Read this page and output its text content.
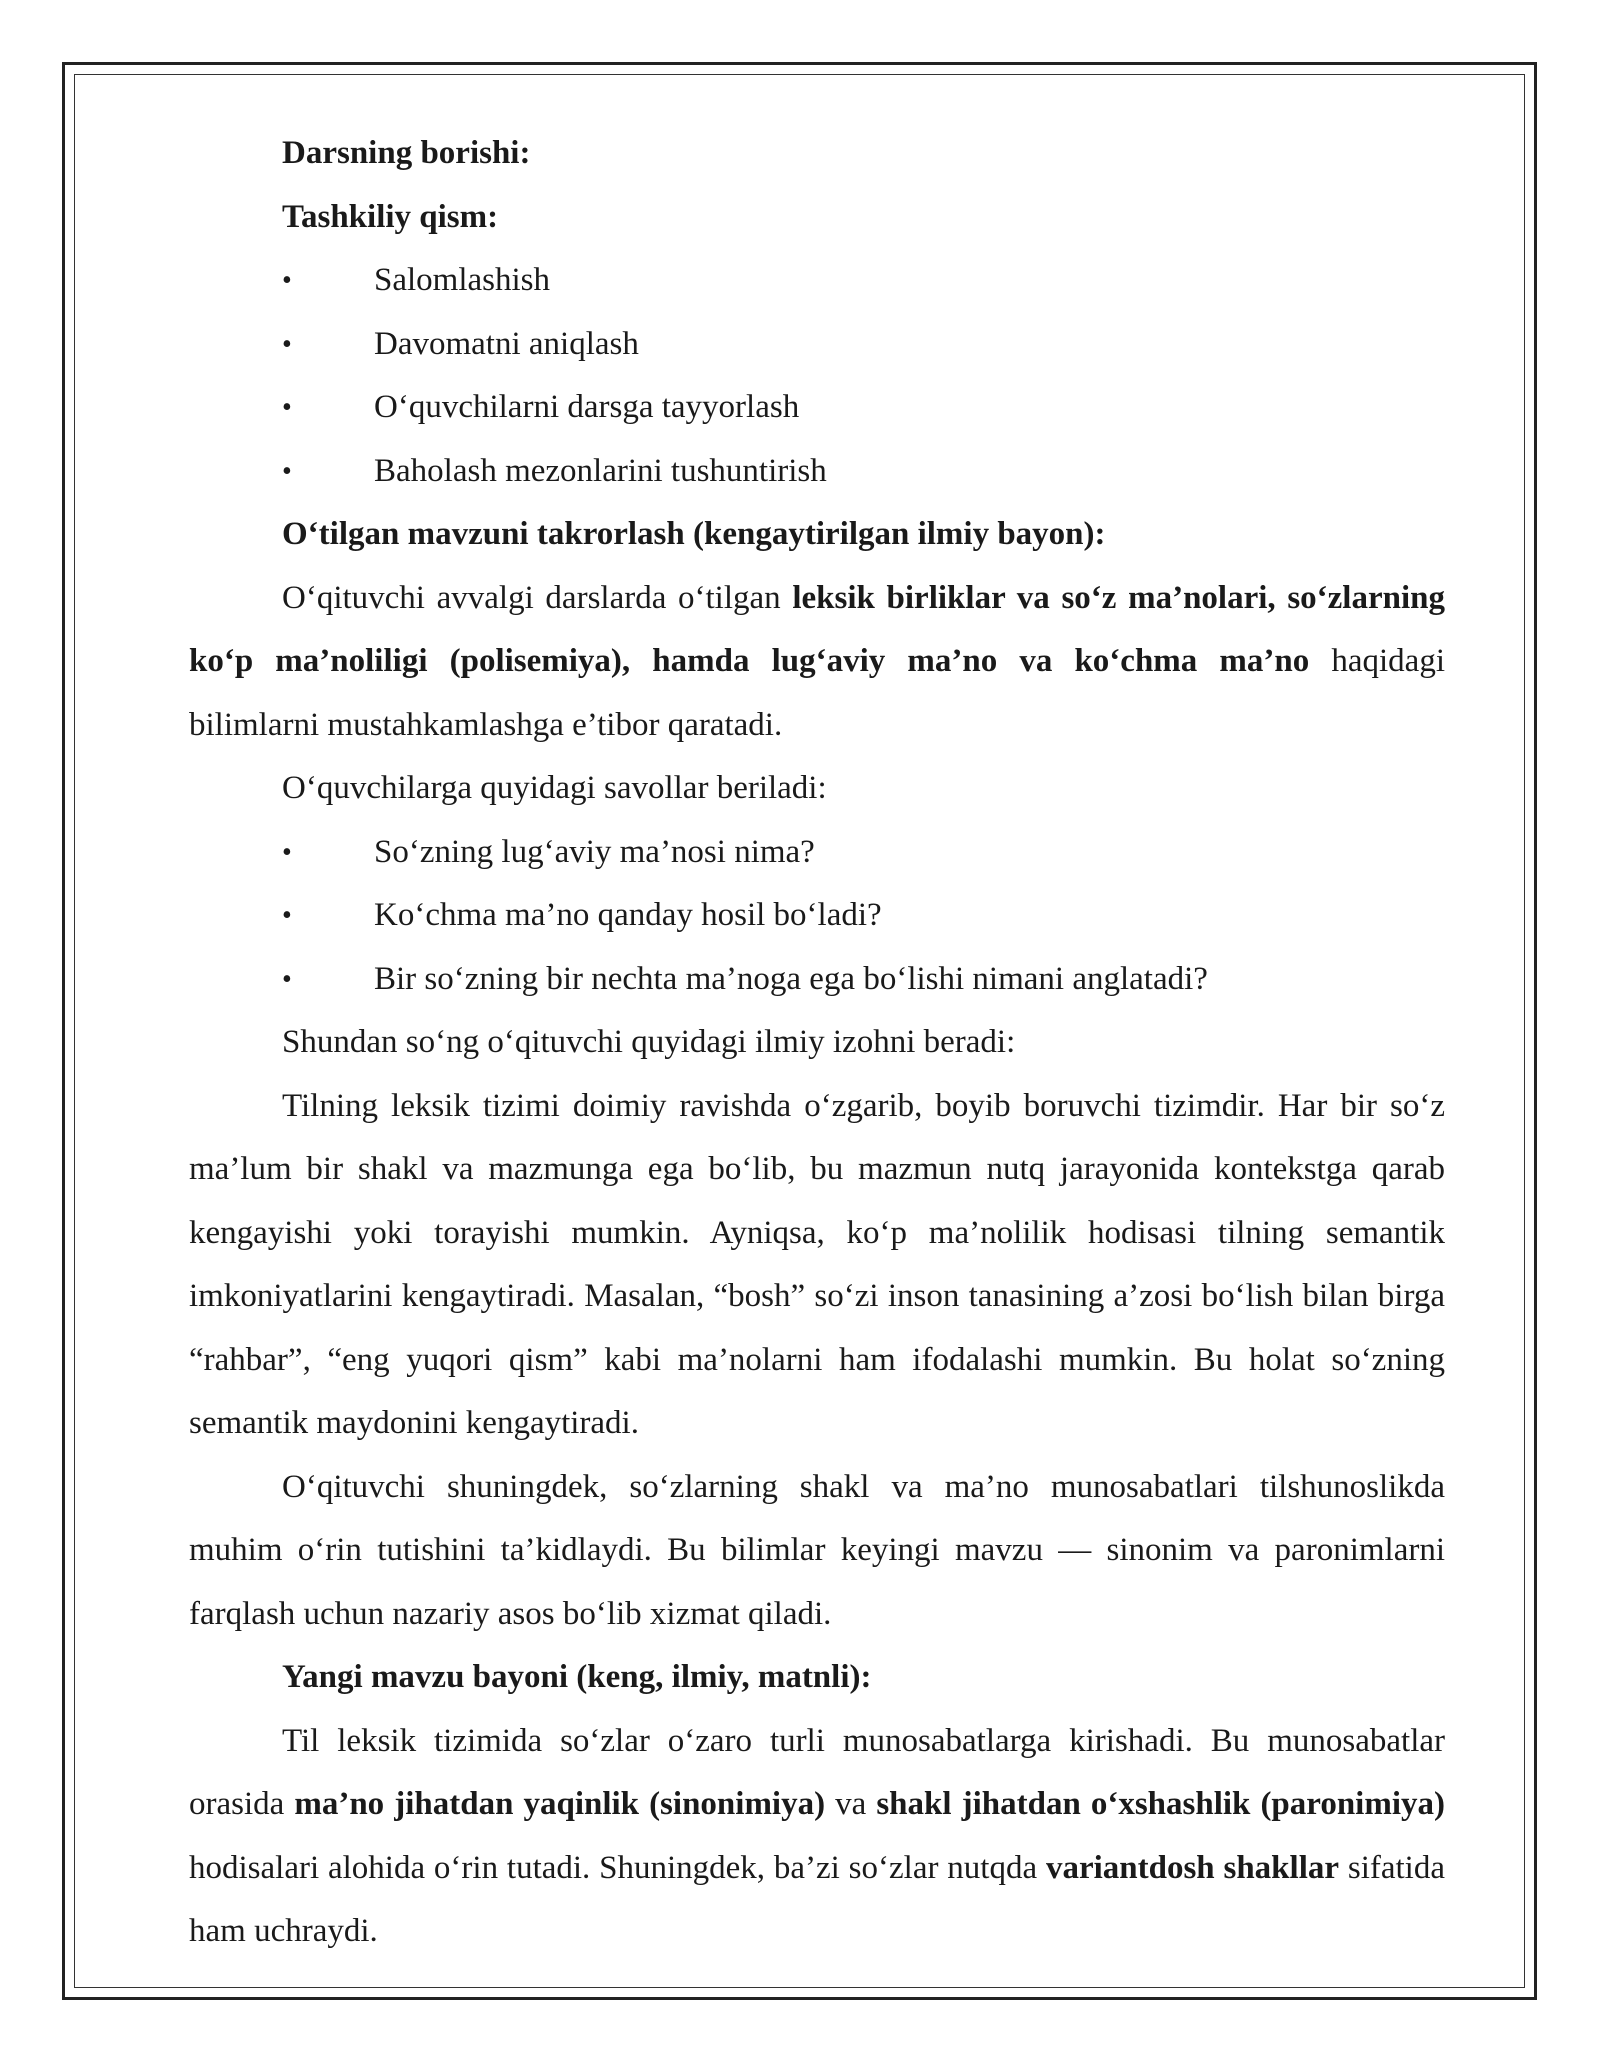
Darsning borishi:

Tashkiliy qism:

• Salomlashish
• Davomatni aniqlash
• O‘quvchilarni darsga tayyorlash
• Baholash mezonlarini tushuntirish

O‘tilgan mavzuni takrorlash (kengaytirilgan ilmiy bayon):

O‘qituvchi avvalgi darslarda o‘tilgan leksik birliklar va so‘z ma’nolari, so‘zlarning ko‘p ma’noliligi (polisemiya), hamda lug‘aviy ma’no va ko‘chma ma’no haqidagi bilimlarni mustahkamlashga e’tibor qaratadi.

O‘quvchilarga quyidagi savollar beriladi:

• So‘zning lug‘aviy ma’nosi nima?
• Ko‘chma ma’no qanday hosil bo‘ladi?
• Bir so‘zning bir nechta ma’noga ega bo‘lishi nimani anglatadi?

Shundan so‘ng o‘qituvchi quyidagi ilmiy izohni beradi:

Tilning leksik tizimi doimiy ravishda o‘zgarib, boyib boruvchi tizimdir. Har bir so‘z ma’lum bir shakl va mazmunga ega bo‘lib, bu mazmun nutq jarayonida kontekstga qarab kengayishi yoki torayishi mumkin. Ayniqsa, ko‘p ma’nolilik hodisasi tilning semantik imkoniyatlarini kengaytiradi. Masalan, “bosh” so‘zi inson tanasining a’zosi bo‘lish bilan birga “rahbar”, “eng yuqori qism” kabi ma’nolarni ham ifodalashi mumkin. Bu holat so‘zning semantik maydonini kengaytiradi.

O‘qituvchi shuningdek, so‘zlarning shakl va ma’no munosabatlari tilshunoslikda muhim o‘rin tutishini ta’kidlaydi. Bu bilimlar keyingi mavzu — sinonim va paronimlarni farqlash uchun nazariy asos bo‘lib xizmat qiladi.

Yangi mavzu bayoni (keng, ilmiy, matnli):

Til leksik tizimida so‘zlar o‘zaro turli munosabatlarga kirishadi. Bu munosabatlar orasida ma’no jihatdan yaqinlik (sinonimiya) va shakl jihatdan o‘xshashlik (paronimiya) hodisalari alohida o‘rin tutadi. Shuningdek, ba’zi so‘zlar nutqda variantdosh shakllar sifatida ham uchraydi.
